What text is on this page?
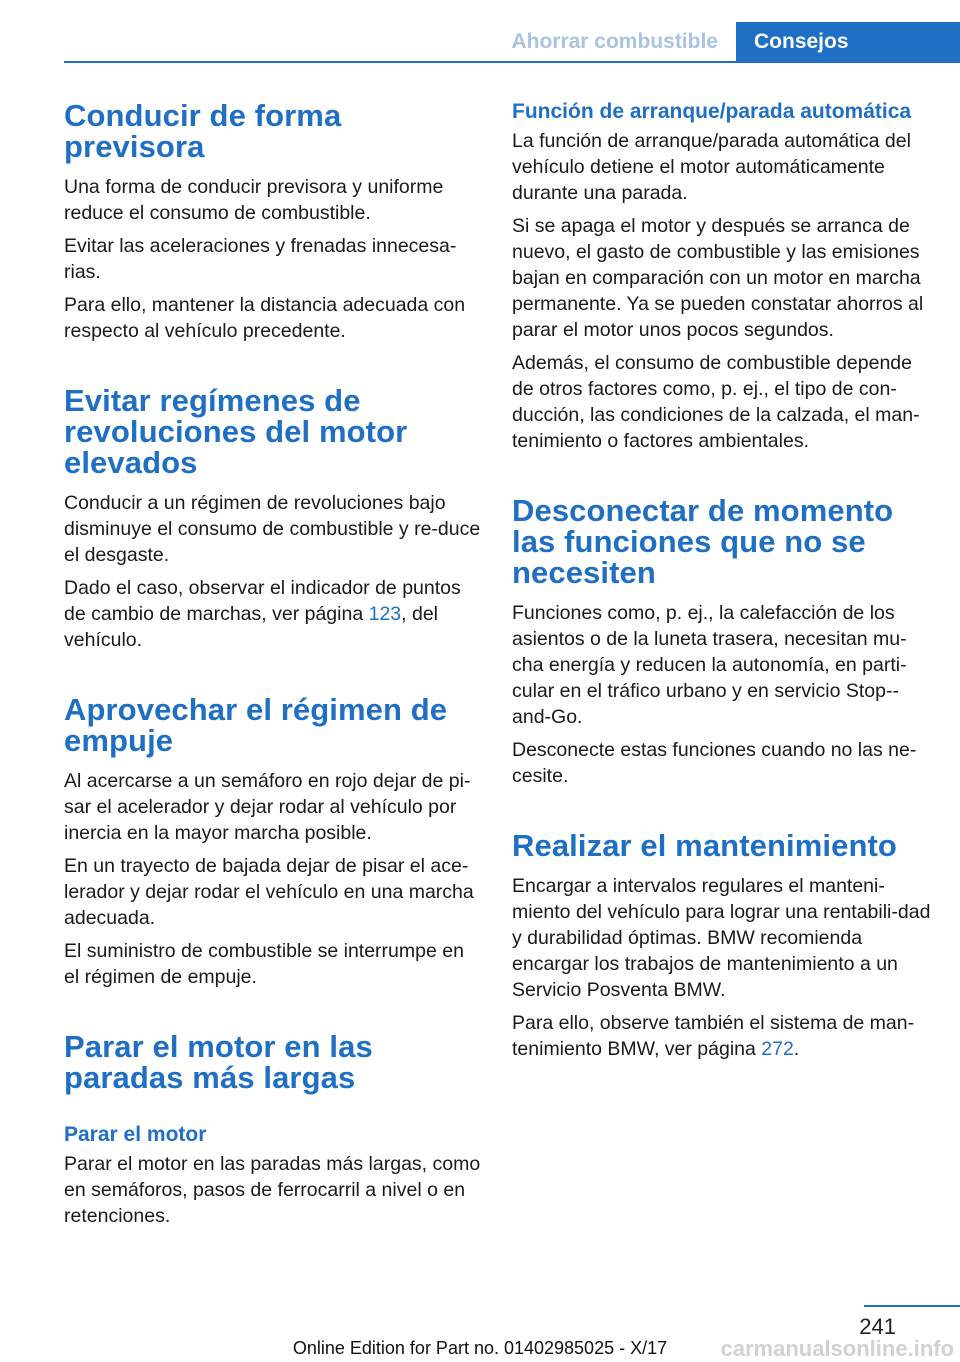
Ahorrar combustible	Consejos
Conducir de forma previsora

Una forma de conducir previsora y uniforme reduce el consumo de combustible.

Evitar las aceleraciones y frenadas innecesa-rias.

Para ello, mantener la distancia adecuada con respecto al vehículo precedente.

Evitar regímenes de revoluciones del motor elevados

Conducir a un régimen de revoluciones bajo disminuye el consumo de combustible y re-duce el desgaste.

Dado el caso, observar el indicador de puntos de cambio de marchas, ver página 123, del vehículo.

Aprovechar el régimen de empuje

Al acercarse a un semáforo en rojo dejar de pi-sar el acelerador y dejar rodar al vehículo por inercia en la mayor marcha posible.

En un trayecto de bajada dejar de pisar el ace-lerador y dejar rodar el vehículo en una marcha adecuada.

El suministro de combustible se interrumpe en el régimen de empuje.

Parar el motor en las paradas más largas
Parar el motor

Parar el motor en las paradas más largas, como en semáforos, pasos de ferrocarril a nivel o en retenciones.

Función de arranque/parada automática

La función de arranque/parada automática del vehículo detiene el motor automáticamente durante una parada.

Si se apaga el motor y después se arranca de nuevo, el gasto de combustible y las emisiones bajan en comparación con un motor en marcha permanente. Ya se pueden constatar ahorros al parar el motor unos pocos segundos.

Además, el consumo de combustible depende de otros factores como, p. ej., el tipo de con-ducción, las condiciones de la calzada, el man-tenimiento o factores ambientales.

Desconectar de momento las funciones que no se necesiten

Funciones como, p. ej., la calefacción de los asientos o de la luneta trasera, necesitan mu-cha energía y reducen la autonomía, en parti-cular en el tráfico urbano y en servicio Stop--and-Go.

Desconecte estas funciones cuando no las ne-cesite.

Realizar el mantenimiento

Encargar a intervalos regulares el manteni-miento del vehículo para lograr una rentabili-dad y durabilidad óptimas. BMW recomienda encargar los trabajos de mantenimiento a un Servicio Posventa BMW.

Para ello, observe también el sistema de man-tenimiento BMW, ver página 272.

241
Online Edition for Part no. 01402985025 - X/17	carmanualsonline.info
